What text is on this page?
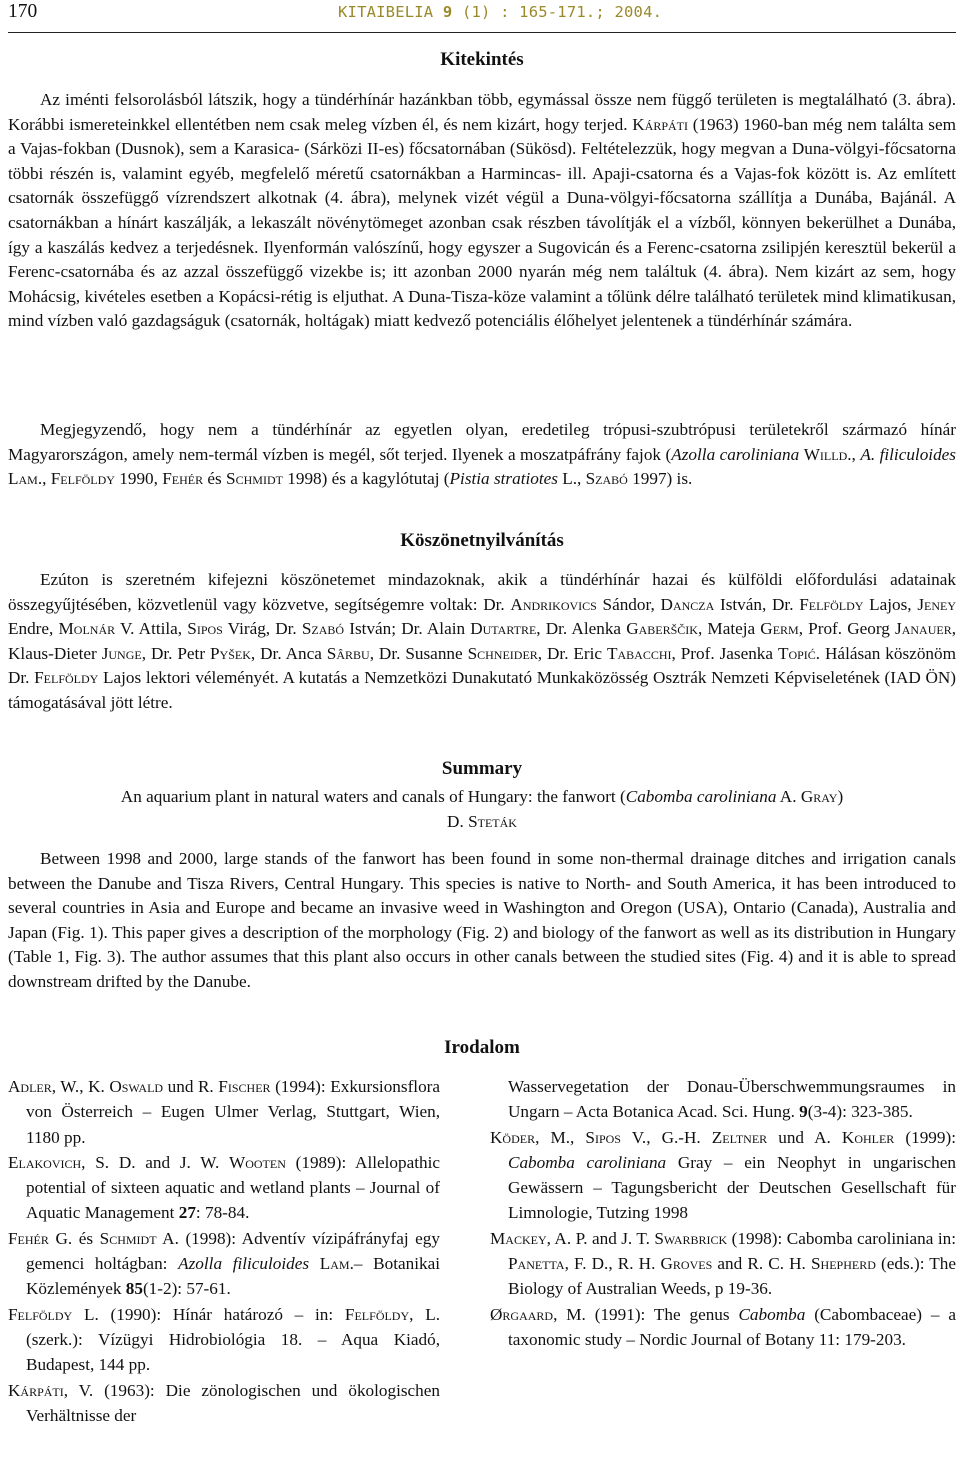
170	KITAIBELIA 9 (1) : 165-171.; 2004.
Kitekintés
Az iménti felsorolásból látszik, hogy a tündérhínár hazánkban több, egymással össze nem függő területen is megtalálható (3. ábra). Korábbi ismereteinkkel ellentétben nem csak meleg vízben él, és nem kizárt, hogy terjed. Kárpáti (1963) 1960-ban még nem találta sem a Vajas-fokban (Dusnok), sem a Karasica- (Sárközi II-es) főcsatornában (Sükösd). Feltételezzük, hogy megvan a Duna-völgyi-főcsatorna többi részén is, valamint egyéb, megfelelő méretű csatornákban a Harmincas- ill. Apaji-csatorna és a Vajas-fok között is. Az említett csatornák összefüggő vízrendszert alkotnak (4. ábra), melynek vizét végül a Duna-völgyi-főcsatorna szállítja a Dunába, Bajánál. A csatornákban a hínárt kaszálják, a lekaszált növénytömeget azonban csak részben távolítják el a vízből, könnyen bekerülhet a Dunába, így a kaszálás kedvez a terjedésnek. Ilyenformán valószínű, hogy egyszer a Sugovicán és a Ferenc-csatorna zsilipjén keresztül bekerül a Ferenc-csatornába és az azzal összefüggő vizekbe is; itt azonban 2000 nyarán még nem találtuk (4. ábra). Nem kizárt az sem, hogy Mohácsig, kivételes esetben a Kopácsi-rétig is eljuthat. A Duna-Tisza-köze valamint a tőlünk délre található területek mind klimatikusan, mind vízben való gazdagságuk (csatornák, holtágak) miatt kedvező potenciális élőhelyet jelentenek a tündérhínár számára.
Megjegyzendő, hogy nem a tündérhínár az egyetlen olyan, eredetileg trópusi-szubtrópusi területekről származó hínár Magyarországon, amely nem-termál vízben is megél, sőt terjed. Ilyenek a moszatpáfrány fajok (Azolla caroliniana Willd., A. filiculoides Lam., Felföldy 1990, Fehér és Schmidt 1998) és a kagylótutaj (Pistia stratiotes L., Szabó 1997) is.
Köszönetnyilvánítás
Ezúton is szeretném kifejezni köszönetemet mindazoknak, akik a tündérhínár hazai és külföldi előfordulási adatainak összegyűjtésében, közvetlenül vagy közvetve, segítségemre voltak: Dr. Andrikovics Sándor, Dancza István, Dr. Felföldy Lajos, Jeney Endre, Molnár V. Attila, Sipos Virág, Dr. Szabó István; Dr. Alain Dutartre, Dr. Alenka Gaberščik, Mateja Germ, Prof. Georg Janauer, Klaus-Dieter Junge, Dr. Petr Pyšek, Dr. Anca Sârbu, Dr. Susanne Schneider, Dr. Eric Tabacchi, Prof. Jasenka Topić. Hálásan köszönöm Dr. Felföldy Lajos lektori véleményét. A kutatás a Nemzetközi Dunakutató Munkaközösség Osztrák Nemzeti Képviseletének (IAD ÖN) támogatásával jött létre.
Summary
An aquarium plant in natural waters and canals of Hungary: the fanwort (Cabomba caroliniana A. Gray)
D. Steták
Between 1998 and 2000, large stands of the fanwort has been found in some non-thermal drainage ditches and irrigation canals between the Danube and Tisza Rivers, Central Hungary. This species is native to North- and South America, it has been introduced to several countries in Asia and Europe and became an invasive weed in Washington and Oregon (USA), Ontario (Canada), Australia and Japan (Fig. 1). This paper gives a description of the morphology (Fig. 2) and biology of the fanwort as well as its distribution in Hungary (Table 1, Fig. 3). The author assumes that this plant also occurs in other canals between the studied sites (Fig. 4) and it is able to spread downstream drifted by the Danube.
Irodalom

Adler, W., K. Oswald und R. Fischer (1994): Exkursionsflora von Österreich – Eugen Ulmer Verlag, Stuttgart, Wien, 1180 pp.

Elakovich, S. D. and J. W. Wooten (1989): Allelopathic potential of sixteen aquatic and wetland plants – Journal of Aquatic Management 27: 78-84.

Fehér G. és Schmidt A. (1998): Adventív vízipáfrányfaj egy gemenci holtágban: Azolla filiculoides Lam.– Botanikai Közlemények 85(1-2): 57-61.

Felföldy L. (1990): Hínár határozó – in: Felföldy, L. (szerk.): Vízügyi Hidrobiológia 18. – Aqua Kiadó, Budapest, 144 pp.

Kárpáti, V. (1963): Die zönologischen und ökologischen Verhältnisse der

Wasservegetation der Donau-Überschwemmungsraumes in Ungarn – Acta Botanica Acad. Sci. Hung. 9(3-4): 323-385.

Köder, M., Sipos V., G.-H. Zeltner und A. Kohler (1999): Cabomba caroliniana Gray – ein Neophyt in ungarischen Gewässern – Tagungsbericht der Deutschen Gesellschaft für Limnologie, Tutzing 1998

Mackey, A. P. and J. T. Swarbrick (1998): Cabomba caroliniana in: Panetta, F. D., R. H. Groves and R. C. H. Shepherd (eds.): The Biology of Australian Weeds, p 19-36.

Ørgaard, M. (1991): The genus Cabomba (Cabombaceae) – a taxonomic study – Nordic Journal of Botany 11: 179-203.
